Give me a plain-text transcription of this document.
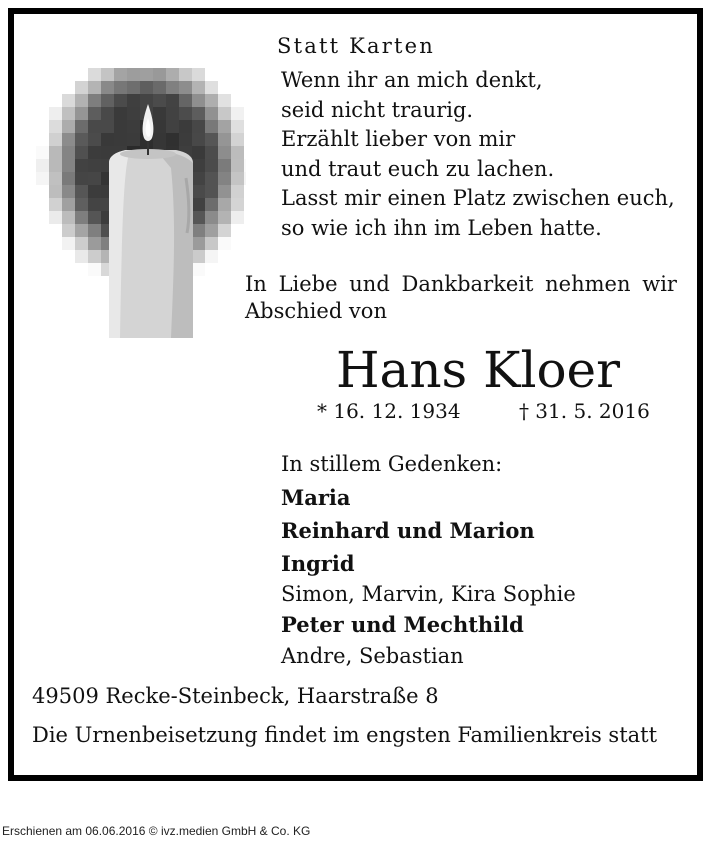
Statt Karten
Wenn ihr an mich denkt,
seid nicht traurig.
Erzählt lieber von mir
und traut euch zu lachen.
Lasst mir einen Platz zwischen euch,
so wie ich ihn im Leben hatte.
In Liebe und Dankbarkeit nehmen wir
Abschied von
Hans Kloer
* 16. 12. 1934	† 31. 5. 2016
In stillem Gedenken:
Maria
Reinhard und Marion
Ingrid
Simon, Marvin, Kira Sophie
Peter und Mechthild
Andre, Sebastian
49509 Recke-Steinbeck, Haarstraße 8
Die Urnenbeisetzung findet im engsten Familienkreis statt
Erschienen am 06.06.2016 © ivz.medien GmbH & Co. KG
